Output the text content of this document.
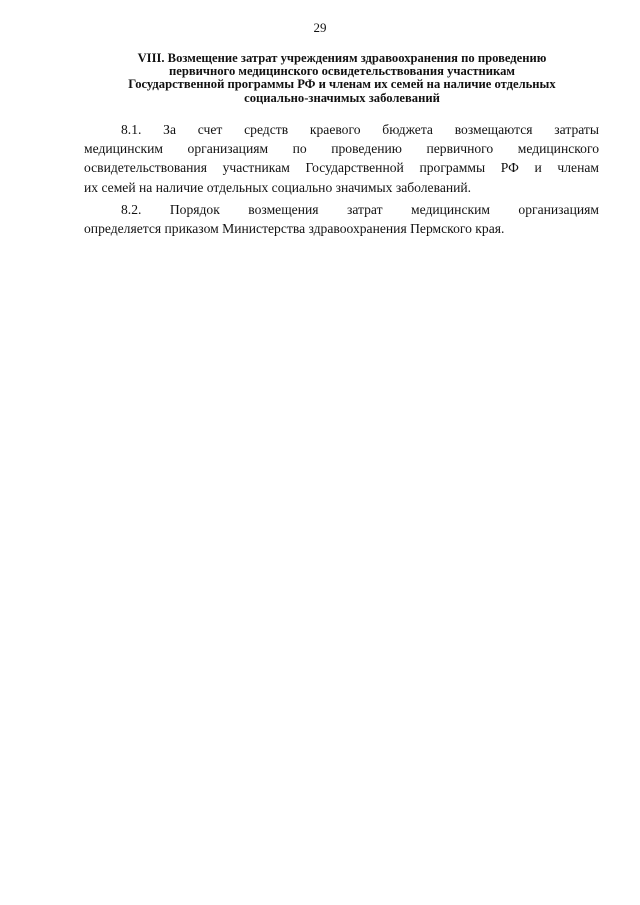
29
VIII. Возмещение затрат учреждениям здравоохранения по проведению
первичного медицинского освидетельствования участникам
Государственной программы РФ и членам их семей на наличие отдельных
социально-значимых заболеваний
8.1. За счет средств краевого бюджета возмещаются затраты
медицинским организациям по проведению первичного медицинского
освидетельствования участникам Государственной программы РФ и членам
их семей на наличие отдельных социально значимых заболеваний.
8.2. Порядок возмещения затрат медицинским организациям
определяется приказом Министерства здравоохранения Пермского края.
